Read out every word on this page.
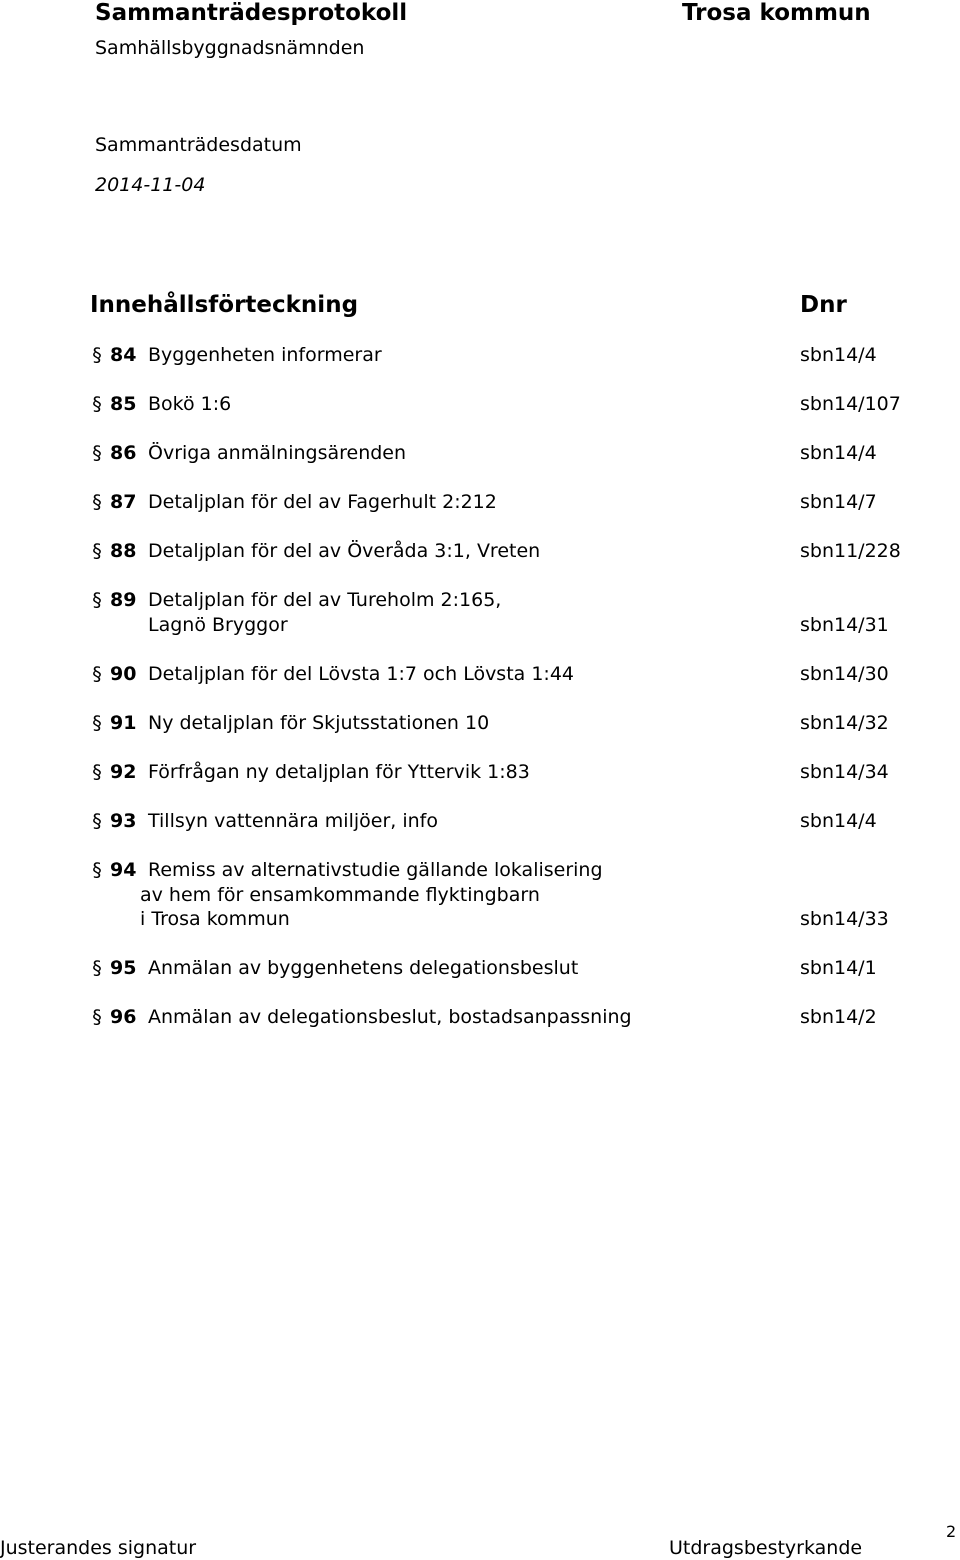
Sammanträdesprotokoll	Trosa kommun
Samhällsbyggnadsnämnden
Sammanträdesdatum
2014-11-04
Innehållsförteckning	Dnr
§ 84 Byggenheten informerar	sbn14/4
§ 85 Bokö 1:6	sbn14/107
§ 86 Övriga anmälningsärenden	sbn14/4
§ 87 Detaljplan för del av Fagerhult 2:212	sbn14/7
§ 88 Detaljplan för del av Överåda 3:1, Vreten	sbn11/228
§ 89 Detaljplan för del av Tureholm 2:165,
Lagnö Bryggor	sbn14/31
§ 90 Detaljplan för del Lövsta 1:7 och Lövsta 1:44	sbn14/30
§ 91 Ny detaljplan för Skjutsstationen 10	sbn14/32
§ 92 Förfrågan ny detaljplan för Yttervik 1:83	sbn14/34
§ 93 Tillsyn vattennära miljöer, info	sbn14/4
§ 94 Remiss av alternativstudie gällande lokalisering
av hem för ensamkommande flyktingbarn
i Trosa kommun	sbn14/33
§ 95 Anmälan av byggenhetens delegationsbeslut	sbn14/1
§ 96 Anmälan av delegationsbeslut, bostadsanpassning	sbn14/2
Justerandes signatur	Utdragsbestyrkande
2
